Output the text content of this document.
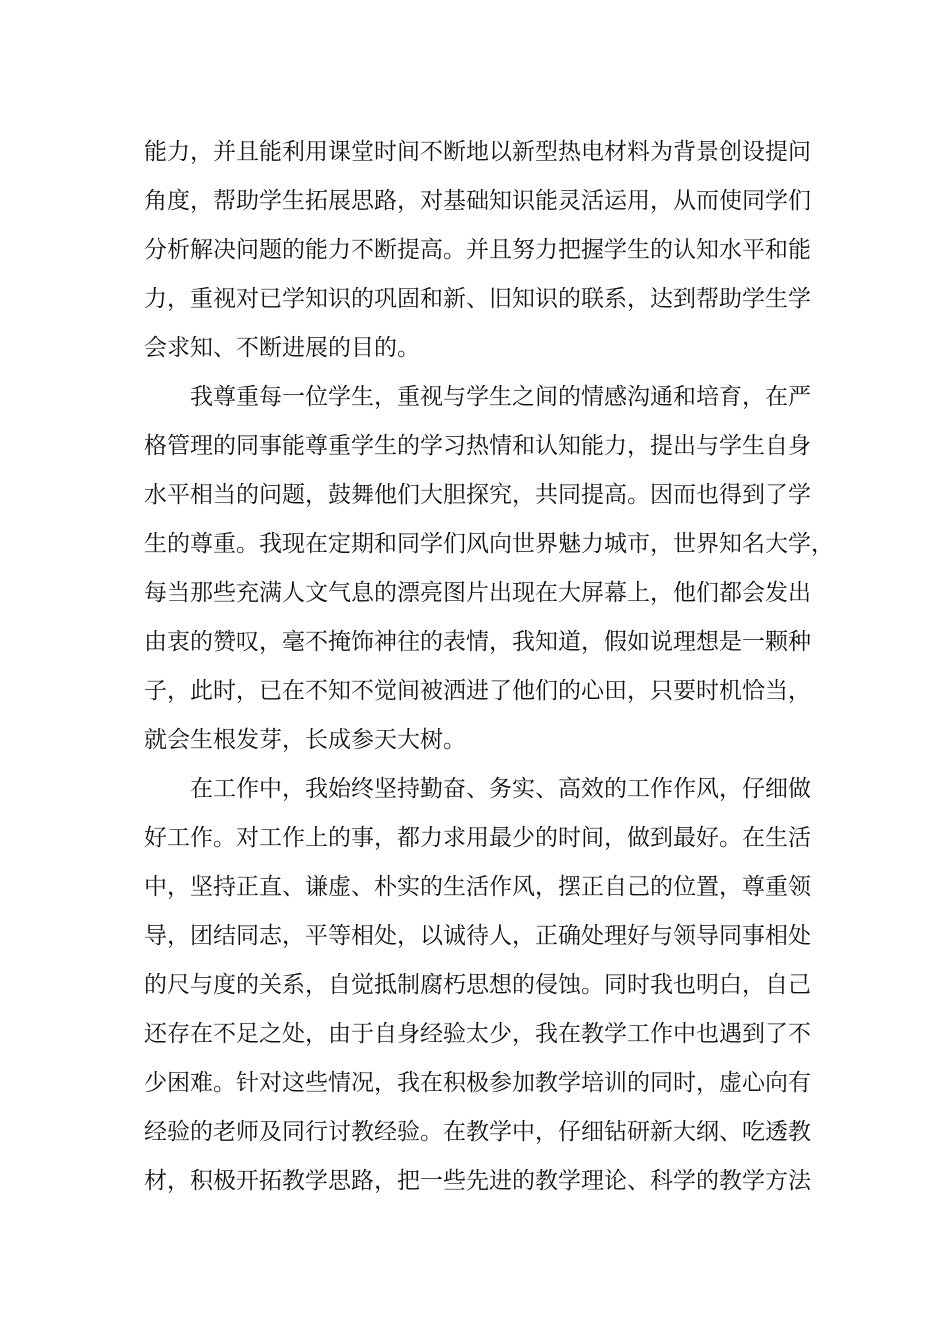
能力，并且能利用课堂时间不断地以新型热电材料为背景创设提问
角度，帮助学生拓展思路，对基础知识能灵活运用，从而使同学们
分析解决问题的能力不断提高。并且努力把握学生的认知水平和能
力，重视对已学知识的巩固和新、旧知识的联系，达到帮助学生学
会求知、不断进展的目的。
　　我尊重每一位学生，重视与学生之间的情感沟通和培育，在严
格管理的同事能尊重学生的学习热情和认知能力，提出与学生自身
水平相当的问题，鼓舞他们大胆探究，共同提高。因而也得到了学
生的尊重。我现在定期和同学们风向世界魅力城市，世界知名大学，
每当那些充满人文气息的漂亮图片出现在大屏幕上，他们都会发出
由衷的赞叹，毫不掩饰神往的表情，我知道，假如说理想是一颗种
子，此时，已在不知不觉间被洒进了他们的心田，只要时机恰当，
就会生根发芽，长成参天大树。
　　在工作中，我始终坚持勤奋、务实、高效的工作作风，仔细做
好工作。对工作上的事，都力求用最少的时间，做到最好。在生活
中，坚持正直、谦虚、朴实的生活作风，摆正自己的位置，尊重领
导，团结同志，平等相处，以诚待人，正确处理好与领导同事相处
的尺与度的关系，自觉抵制腐朽思想的侵蚀。同时我也明白，自己
还存在不足之处，由于自身经验太少，我在教学工作中也遇到了不
少困难。针对这些情况，我在积极参加教学培训的同时，虚心向有
经验的老师及同行讨教经验。在教学中，仔细钻研新大纲、吃透教
材，积极开拓教学思路，把一些先进的教学理论、科学的教学方法
